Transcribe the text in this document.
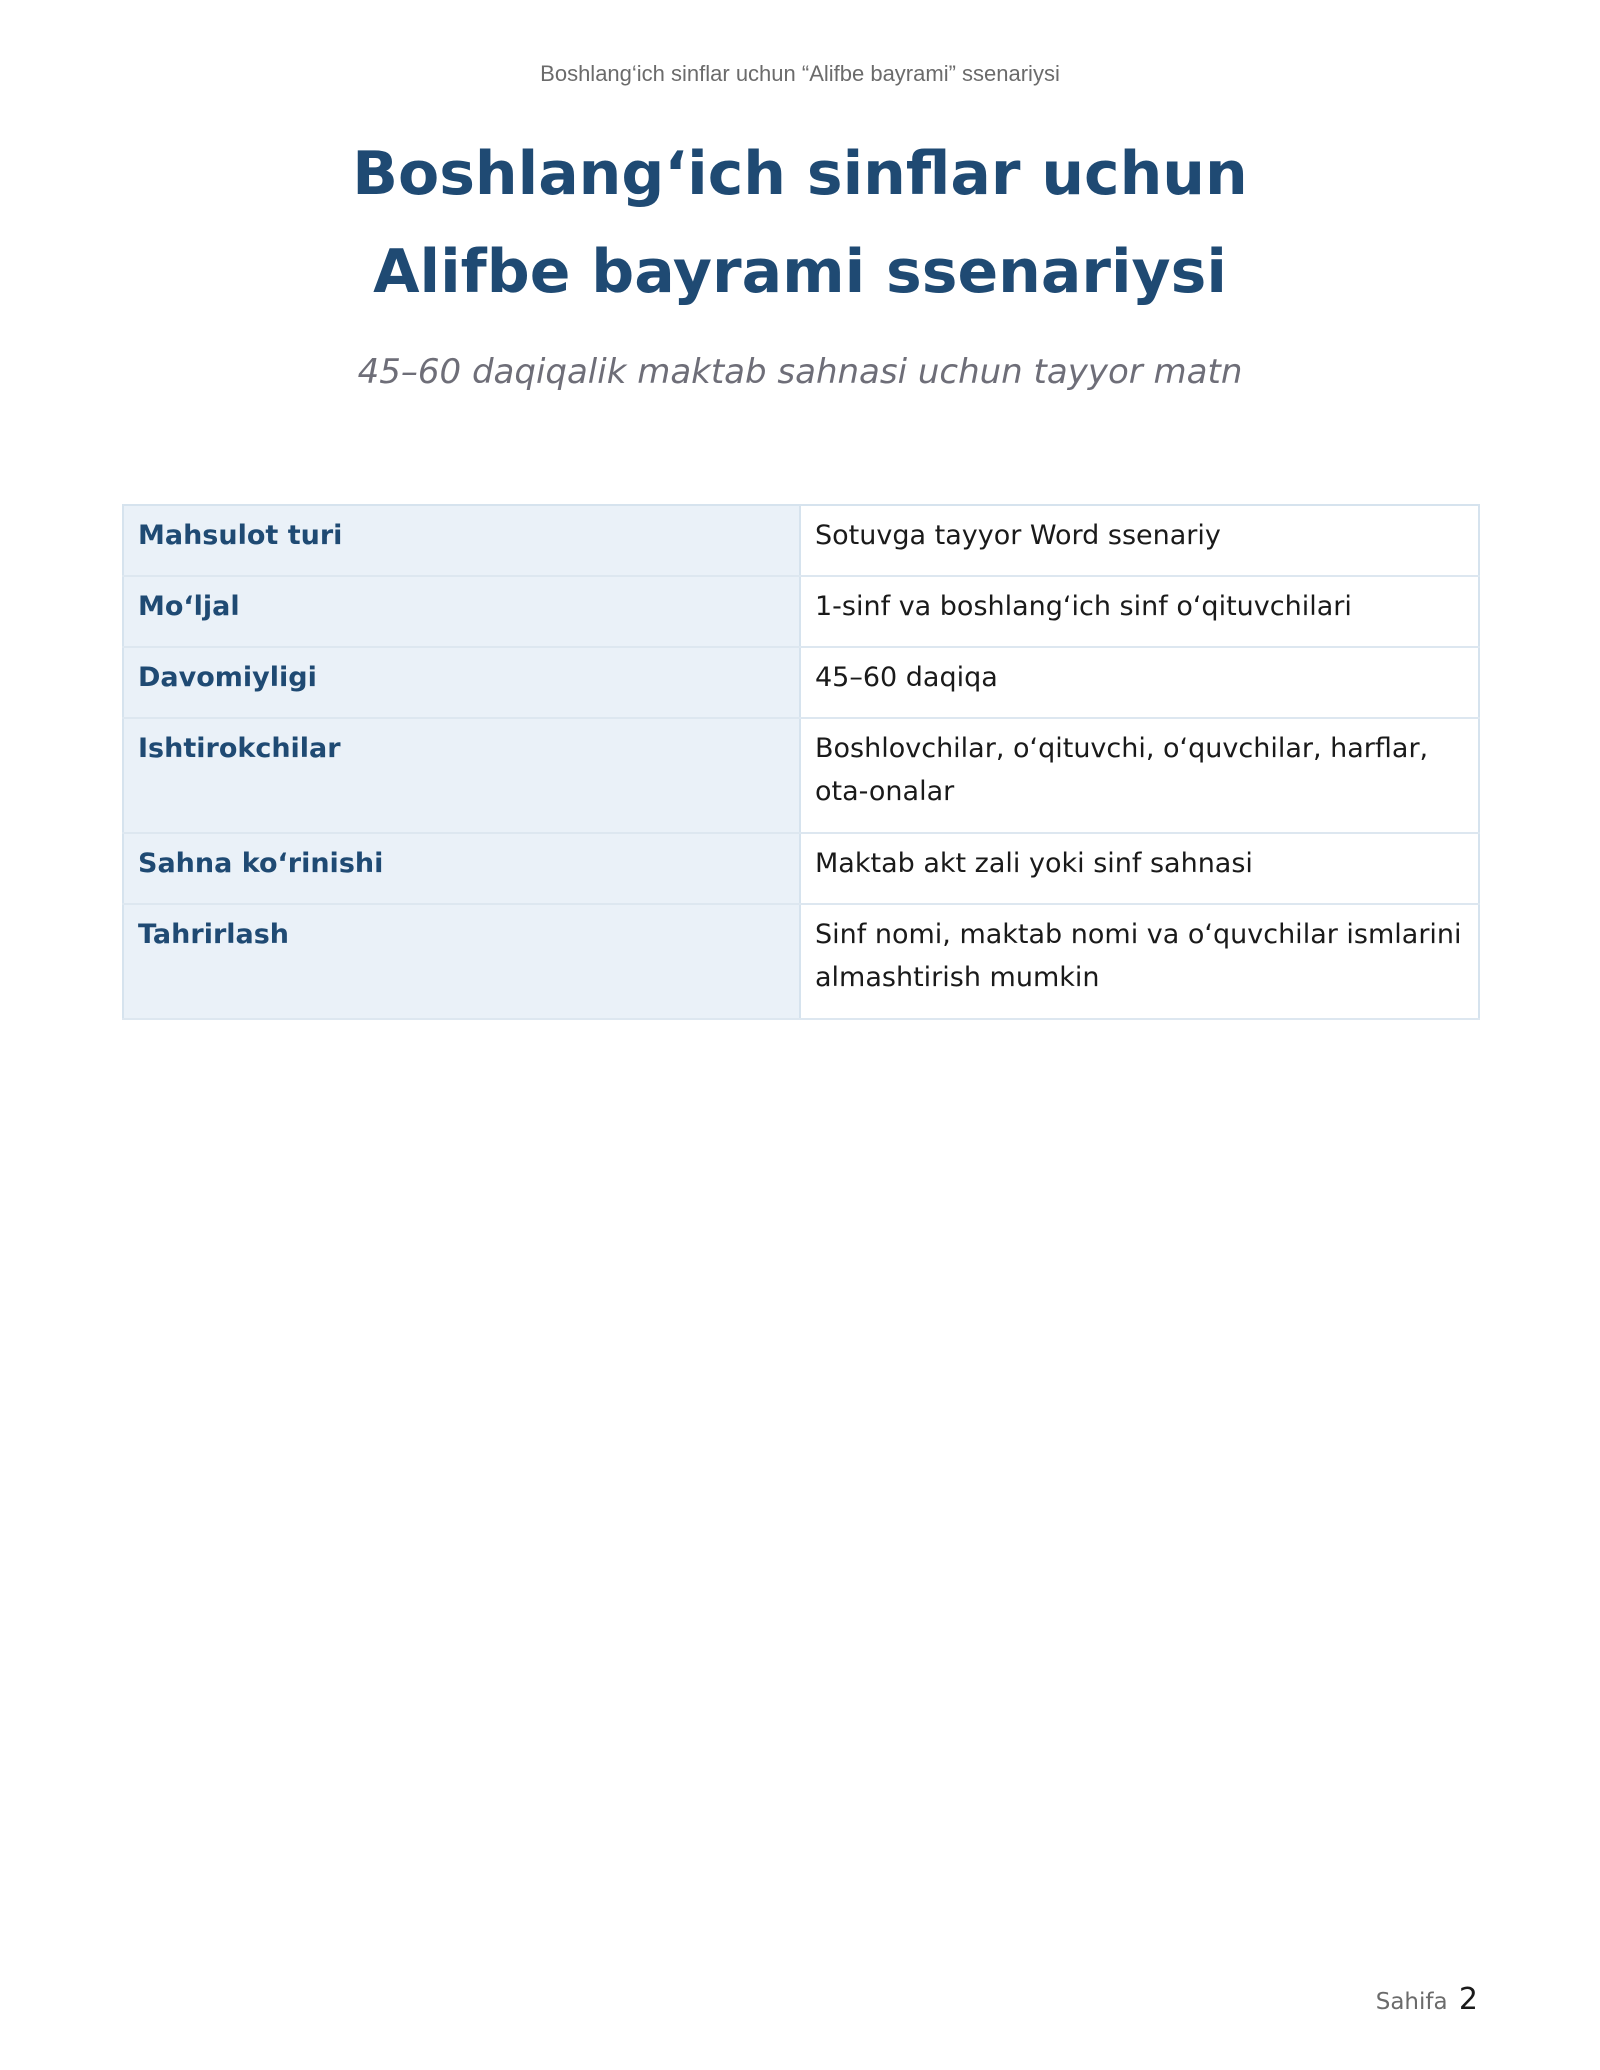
Boshlang‘ich sinflar uchun “Alifbe bayrami” ssenariysi
Boshlang‘ich sinflar uchun
Alifbe bayrami ssenariysi
45–60 daqiqalik maktab sahnasi uchun tayyor matn
Mahsulot turi	Sotuvga tayyor Word ssenariy
Mo‘ljal	1-sinf va boshlang‘ich sinf o‘qituvchilari
Davomiyligi	45–60 daqiqa
Ishtirokchilar	Boshlovchilar, o‘qituvchi, o‘quvchilar, harflar, ota-onalar
Sahna ko‘rinishi	Maktab akt zali yoki sinf sahnasi
Tahrirlash	Sinf nomi, maktab nomi va o‘quvchilar ismlarini almashtirish mumkin
Sahifa 2
